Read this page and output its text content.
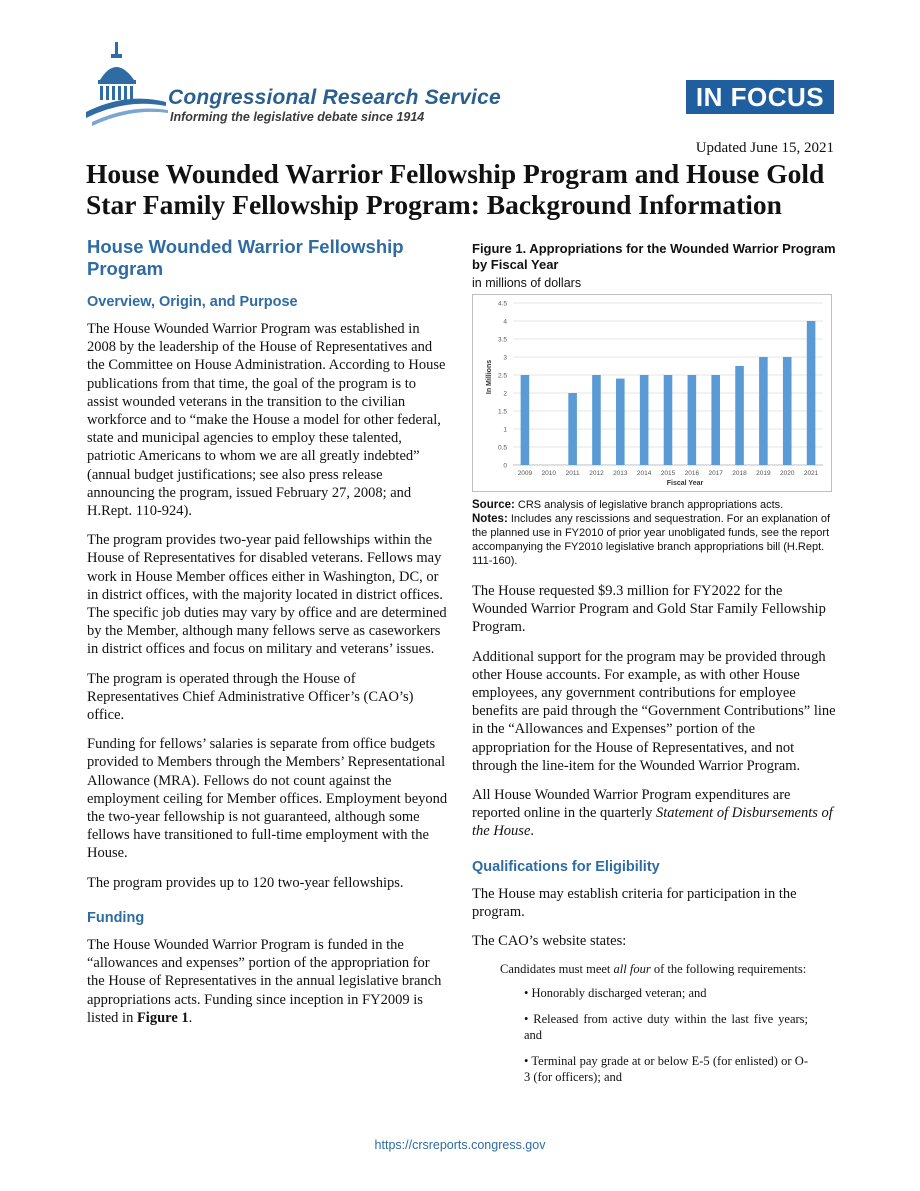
Congressional Research Service
Informing the legislative debate since 1914
IN FOCUS
Updated June 15, 2021
House Wounded Warrior Fellowship Program and House Gold Star Family Fellowship Program: Background Information
House Wounded Warrior Fellowship Program
Overview, Origin, and Purpose

The House Wounded Warrior Program was established in 2008 by the leadership of the House of Representatives and the Committee on House Administration. According to House publications from that time, the goal of the program is to assist wounded veterans in the transition to the civilian workforce and to “make the House a model for other federal, state and municipal agencies to employ these talented, patriotic Americans to whom we are all greatly indebted” (annual budget justifications; see also press release announcing the program, issued February 27, 2008; and H.Rept. 110-924).

The program provides two-year paid fellowships within the House of Representatives for disabled veterans. Fellows may work in House Member offices either in Washington, DC, or in district offices, with the majority located in district offices. The specific job duties may vary by office and are determined by the Member, although many fellows serve as caseworkers in district offices and focus on military and veterans’ issues.

The program is operated through the House of Representatives Chief Administrative Officer’s (CAO’s) office.

Funding for fellows’ salaries is separate from office budgets provided to Members through the Members’ Representational Allowance (MRA). Fellows do not count against the employment ceiling for Member offices. Employment beyond the two-year fellowship is not guaranteed, although some fellows have transitioned to full-time employment with the House.

The program provides up to 120 two-year fellowships.

Funding

The House Wounded Warrior Program is funded in the “allowances and expenses” portion of the appropriation for the House of Representatives in the annual legislative branch appropriations acts. Funding since inception in FY2009 is listed in Figure 1.

Figure 1. Appropriations for the Wounded Warrior Program by Fiscal Year

in millions of dollars

0
0.5
1
1.5
2
2.5
3
3.5
4
4.5
2009 2010 2011 2012 2013 2014 2015 2016 2017 2018 2019 2020 2021
In Millions
Fiscal Year

Source: CRS analysis of legislative branch appropriations acts.

Notes: Includes any rescissions and sequestration. For an explanation of the planned use in FY2010 of prior year unobligated funds, see the report accompanying the FY2010 legislative branch appropriations bill (H.Rept. 111-160).

The House requested $9.3 million for FY2022 for the Wounded Warrior Program and Gold Star Family Fellowship Program.

Additional support for the program may be provided through other House accounts. For example, as with other House employees, any government contributions for employee benefits are paid through the “Government Contributions” line in the “Allowances and Expenses” portion of the appropriation for the House of Representatives, and not through the line-item for the Wounded Warrior Program.

All House Wounded Warrior Program expenditures are reported online in the quarterly Statement of Disbursements of the House.

Qualifications for Eligibility

The House may establish criteria for participation in the program.

The CAO’s website states:

Candidates must meet all four of the following requirements:

• Honorably discharged veteran; and

• Released from active duty within the last five years; and

• Terminal pay grade at or below E-5 (for enlisted) or O-3 (for officers); and

https://crsreports.congress.gov
